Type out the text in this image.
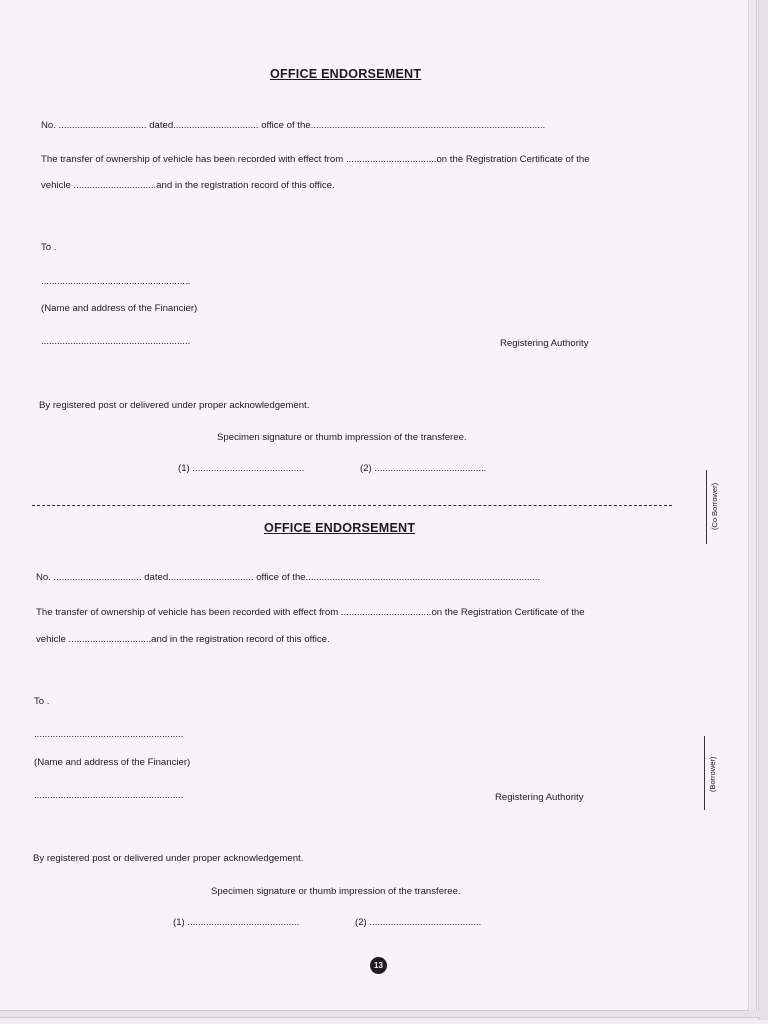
OFFICE ENDORSEMENT
No. ................................. dated................................ office of the........................................................................................
The transfer of ownership of vehicle has been recorded with effect from ..................................on the Registration Certificate of the
vehicle ...............................and in the registration record of this office.
To .
........................................................
(Name and address of the Financier)
........................................................	Registering Authority
By registered post or delivered under proper acknowledgement.
Specimen signature or thumb impression of the transferee.
(1) ..........................................	(2) ..........................................
(Co Borrower)
OFFICE ENDORSEMENT
No. ................................. dated................................ office of the........................................................................................
The transfer of ownership of vehicle has been recorded with effect from ..................................on the Registration Certificate of the
vehicle ...............................and in the registration record of this office.
To .
........................................................
(Name and address of the Financier)
........................................................	Registering Authority
By registered post or delivered under proper acknowledgement.
Specimen signature or thumb impression of the transferee.
(1) ..........................................	(2) ..........................................
(Borrower)
13
